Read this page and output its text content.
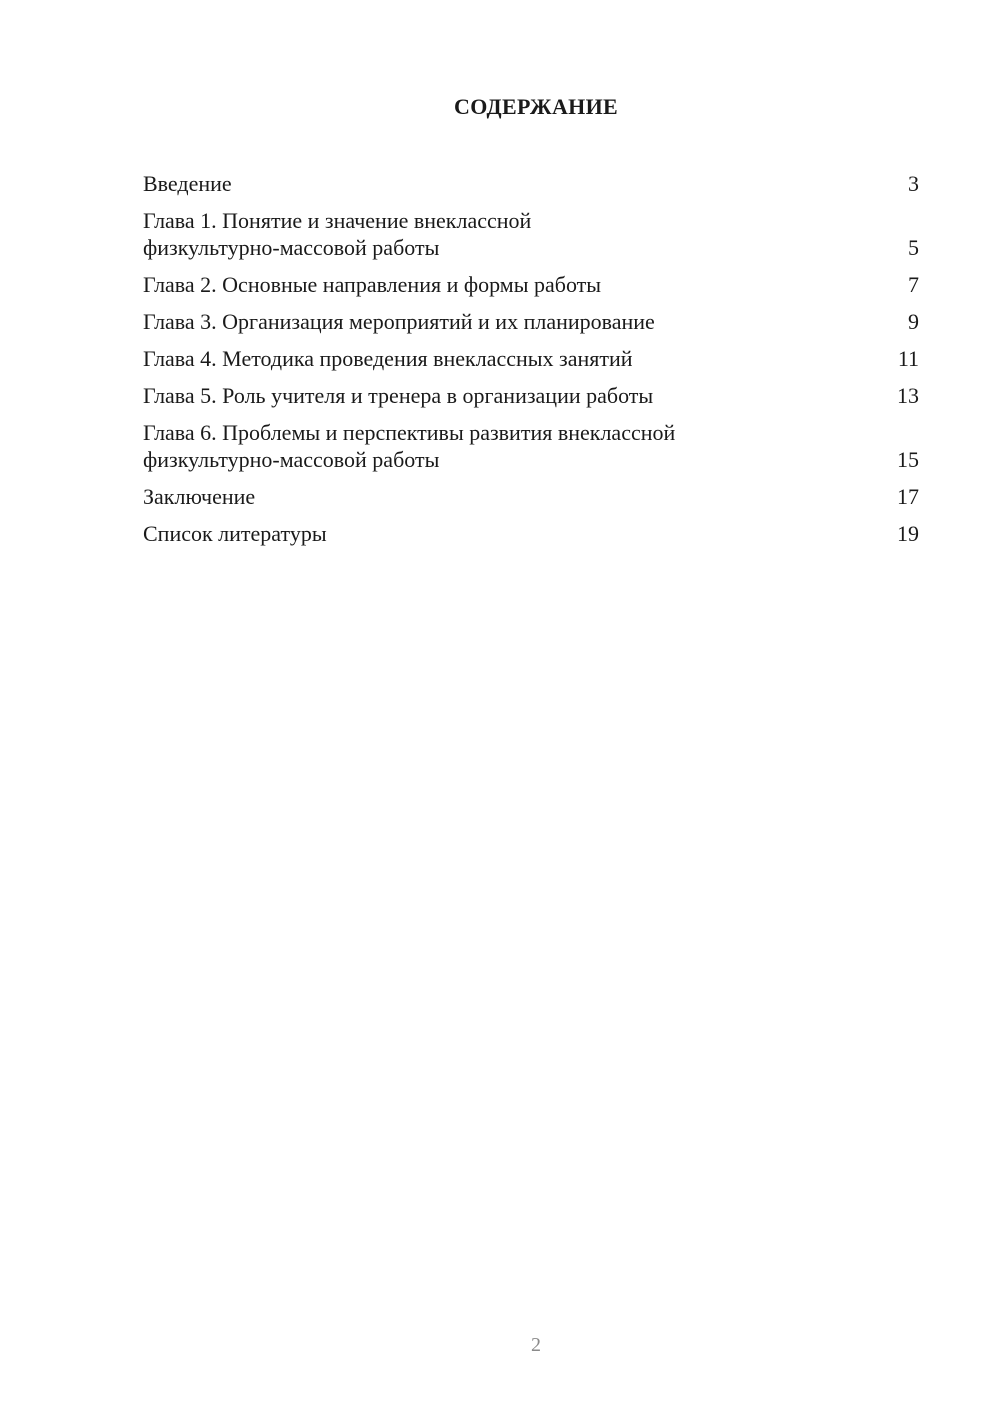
СОДЕРЖАНИЕ
Введение	3
Глава 1. Понятие и значение внеклассной
физкультурно-массовой работы	5
Глава 2. Основные направления и формы работы	7
Глава 3. Организация мероприятий и их планирование	9
Глава 4. Методика проведения внеклассных занятий	11
Глава 5. Роль учителя и тренера в организации работы	13
Глава 6. Проблемы и перспективы развития внеклассной
физкультурно-массовой работы	15
Заключение	17
Список литературы	19

2
